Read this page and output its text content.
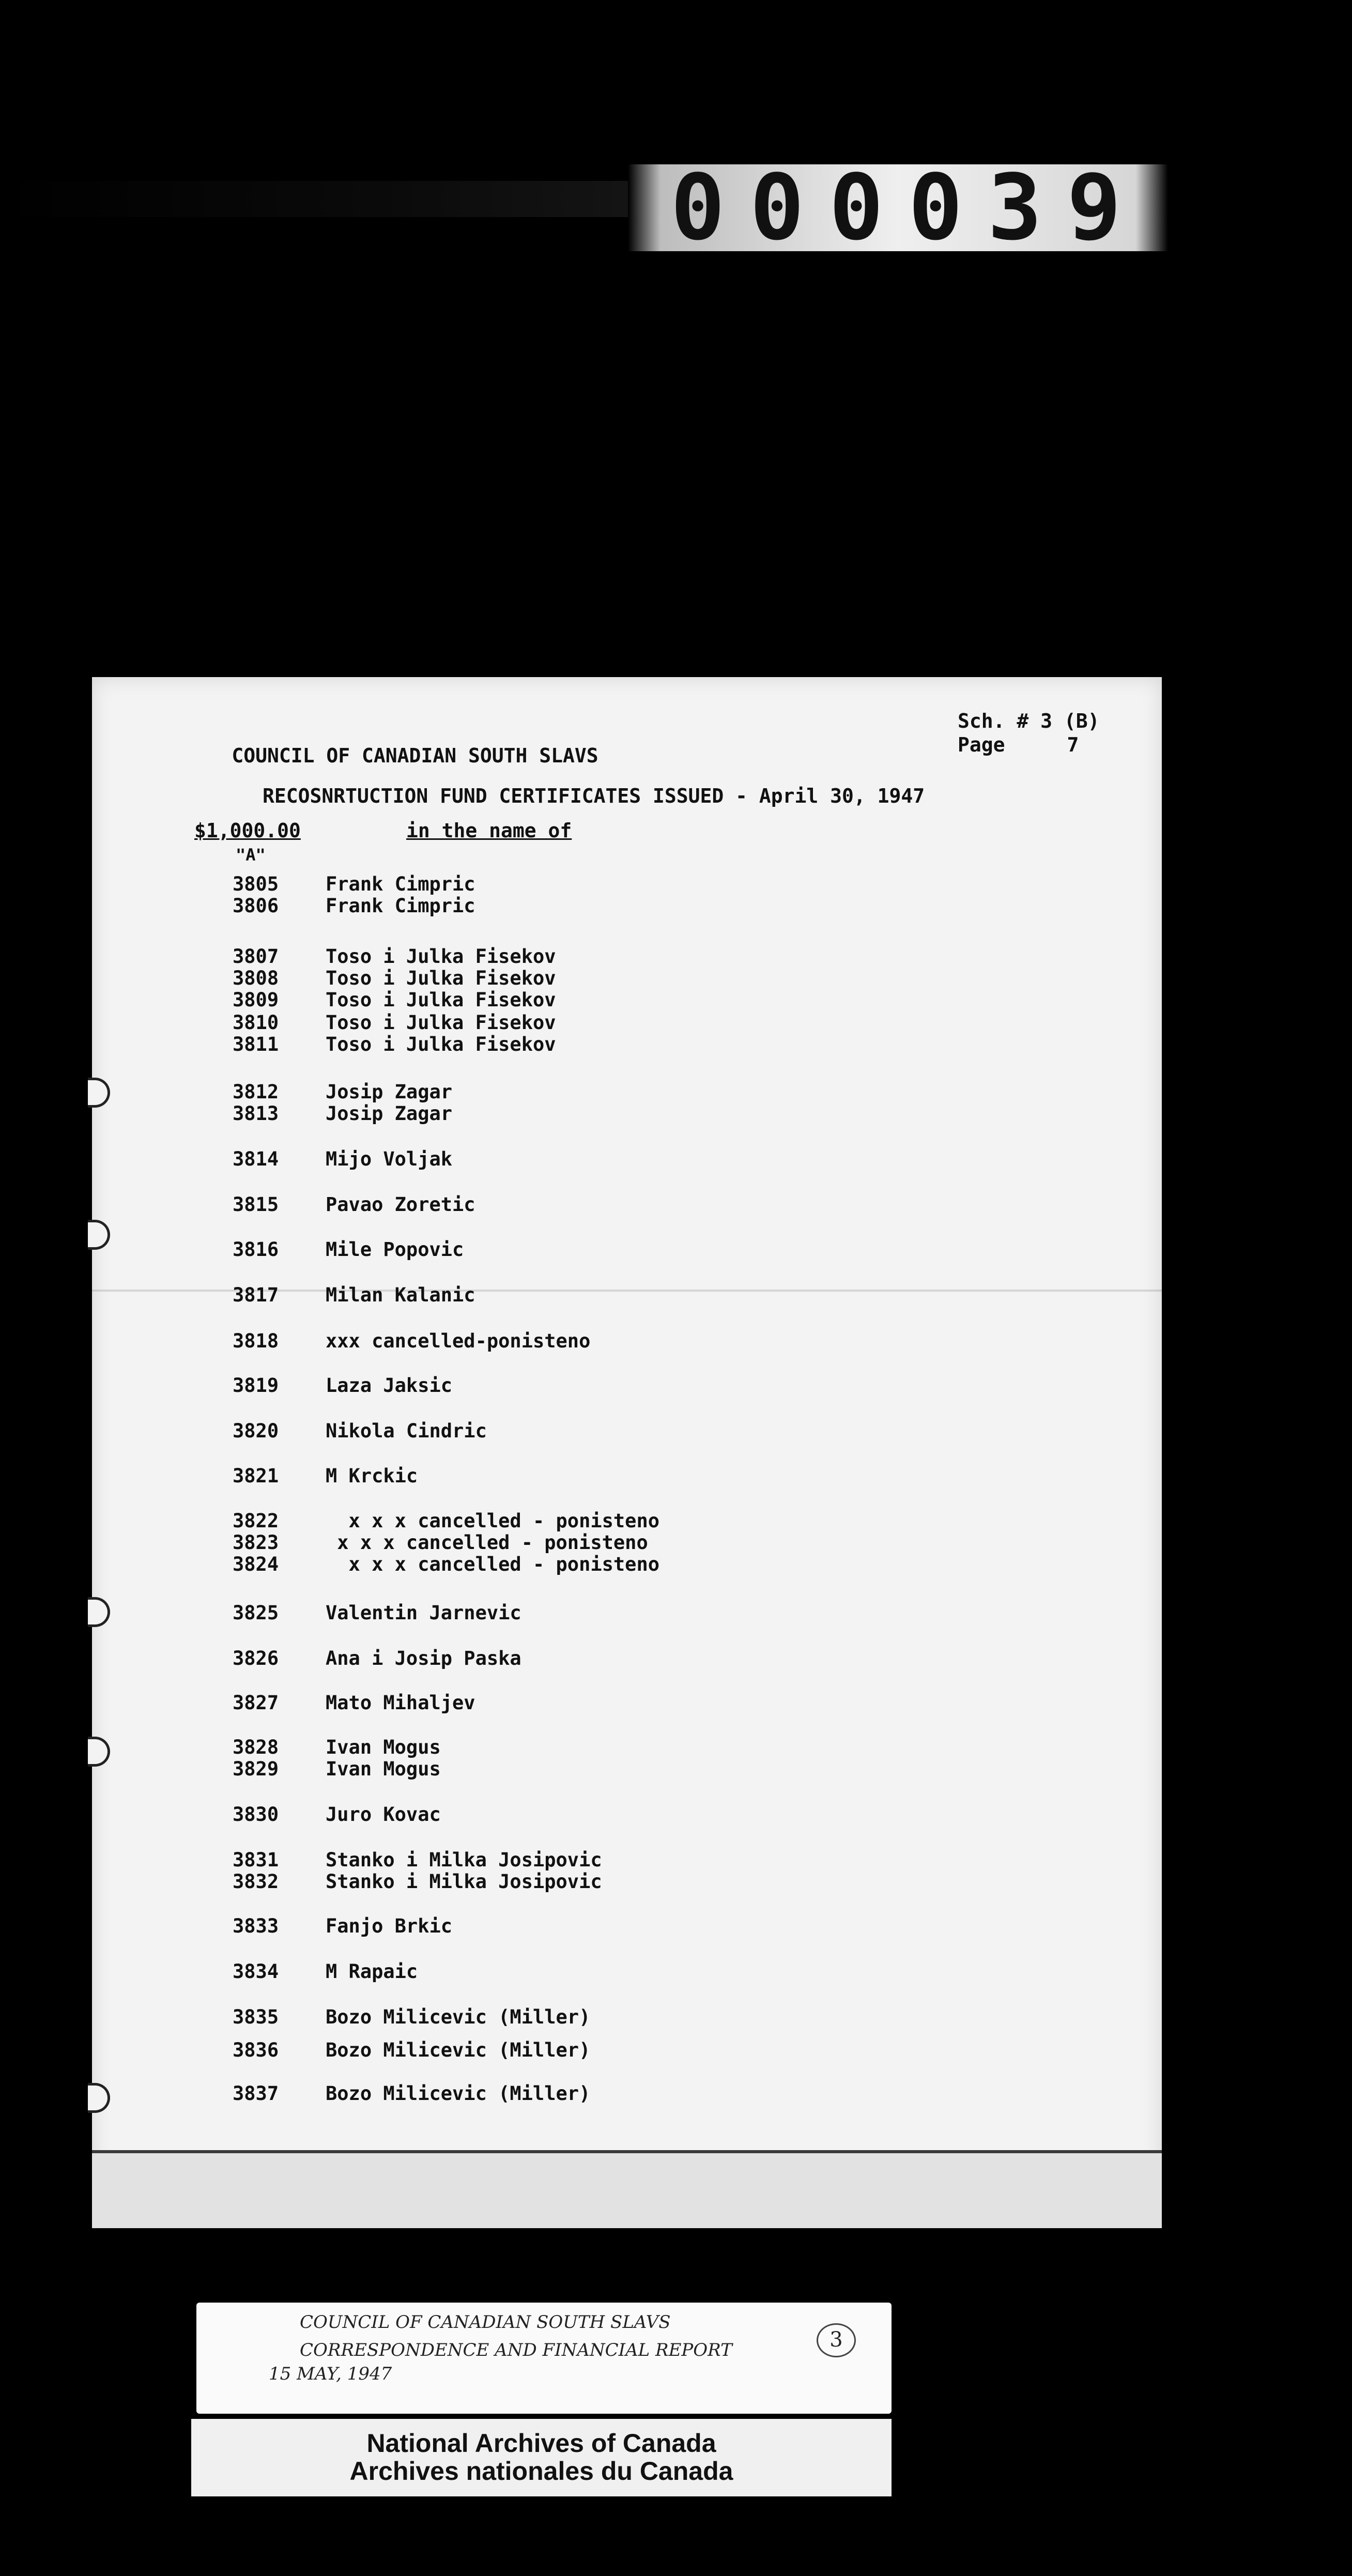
000039
Sch. # 3 (B)
Page	7
COUNCIL OF CANADIAN SOUTH SLAVS
RECOSNRTUCTION FUND CERTIFICATES ISSUED - April 30, 1947
$1,000.00	in the name of
"A"
3805 Frank Cimpric
3806 Frank Cimpric
3807 Toso i Julka Fisekov
3808 Toso i Julka Fisekov
3809 Toso i Julka Fisekov
3810 Toso i Julka Fisekov
3811 Toso i Julka Fisekov
3812 Josip Zagar
3813 Josip Zagar
3814 Mijo Voljak
3815 Pavao Zoretic
3816 Mile Popovic
3817 Milan Kalanic
3818 xxx cancelled-ponisteno
3819 Laza Jaksic
3820 Nikola Cindric
3821 M Krckic
3822  x x x cancelled - ponisteno
3823 x x x cancelled - ponisteno
3824  x x x cancelled - ponisteno
3825 Valentin Jarnevic
3826 Ana i Josip Paska
3827 Mato Mihaljev
3828 Ivan Mogus
3829 Ivan Mogus
3830 Juro Kovac
3831 Stanko i Milka Josipovic
3832 Stanko i Milka Josipovic
3833 Fanjo Brkic
3834 M Rapaic
3835 Bozo Milicevic (Miller)
3836 Bozo Milicevic (Miller)
3837 Bozo Milicevic (Miller)
COUNCIL OF CANADIAN SOUTH SLAVS
CORRESPONDENCE AND FINANCIAL REPORT
15 MAY, 1947
3
National Archives of Canada
Archives nationales du Canada
